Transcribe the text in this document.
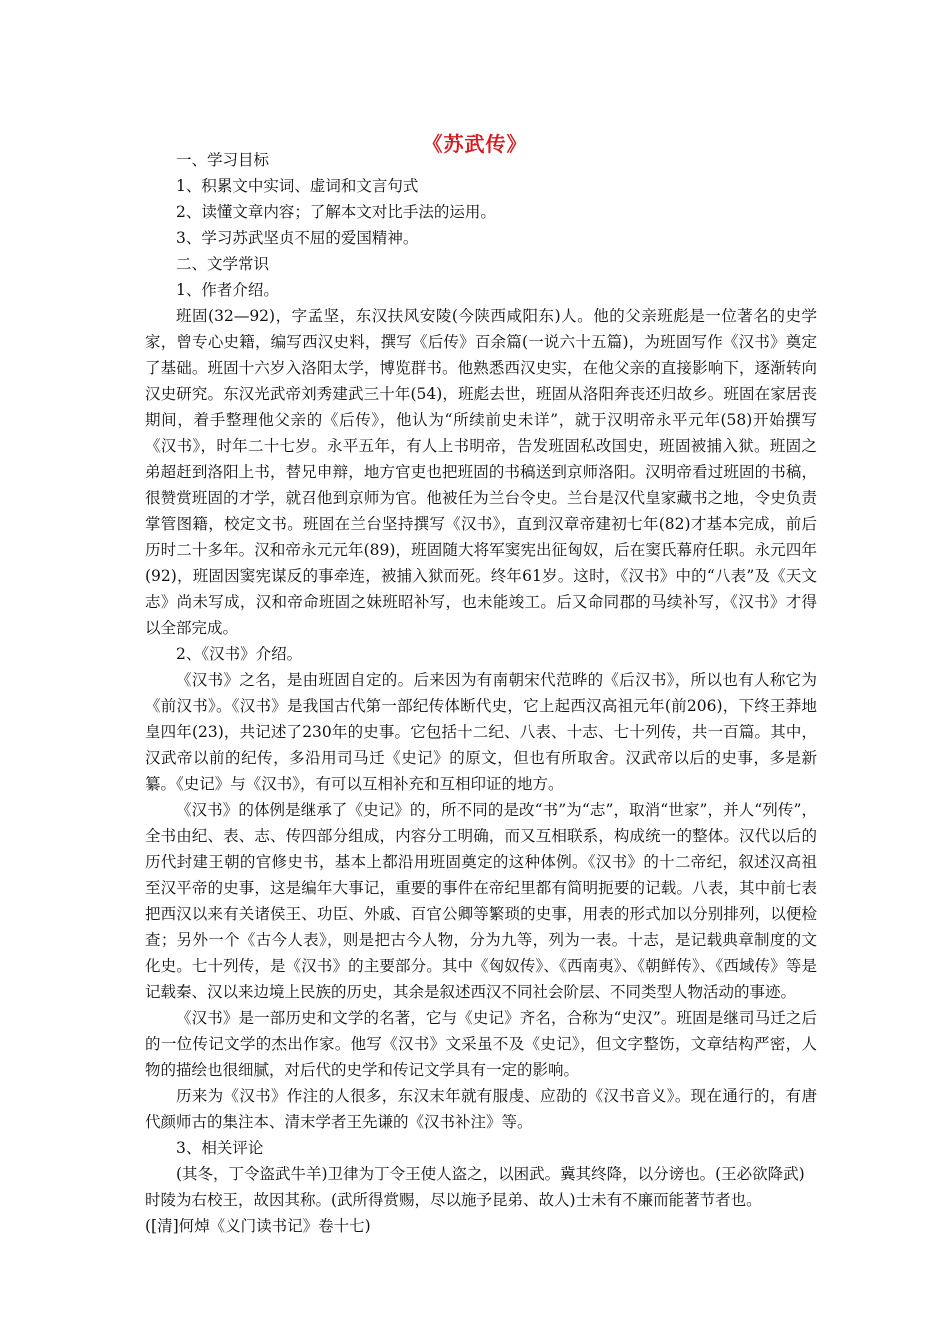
《苏武传》

一、学习目标

1、积累文中实词、虚词和文言句式

2、读懂文章内容；了解本文对比手法的运用。

3、学习苏武坚贞不屈的爱国精神。

二、文学常识

1、作者介绍。

班固(32—92)，字孟坚，东汉扶风安陵(今陕西咸阳东)人。他的父亲班彪是一位著名的史学家，曾专心史籍，编写西汉史料，撰写《后传》百余篇(一说六十五篇)，为班固写作《汉书》奠定了基础。班固十六岁入洛阳太学，博览群书。他熟悉西汉史实，在他父亲的直接影响下，逐渐转向汉史研究。东汉光武帝刘秀建武三十年(54)，班彪去世，班固从洛阳奔丧还归故乡。班固在家居丧期间，着手整理他父亲的《后传》，他认为“所续前史未详”，就于汉明帝永平元年(58)开始撰写《汉书》，时年二十七岁。永平五年，有人上书明帝，告发班固私改国史，班固被捕入狱。班固之弟超赶到洛阳上书，替兄申辩，地方官吏也把班固的书稿送到京师洛阳。汉明帝看过班固的书稿，很赞赏班固的才学，就召他到京师为官。他被任为兰台令史。兰台是汉代皇家藏书之地，令史负责掌管图籍，校定文书。班固在兰台坚持撰写《汉书》，直到汉章帝建初七年(82)才基本完成，前后历时二十多年。汉和帝永元元年(89)，班固随大将军窦宪出征匈奴，后在窦氏幕府任职。永元四年(92)，班固因窦宪谋反的事牵连，被捕入狱而死。终年61岁。这时，《汉书》中的“八表”及《天文志》尚未写成，汉和帝命班固之妹班昭补写，也未能竣工。后又命同郡的马续补写，《汉书》才得以全部完成。

2、《汉书》介绍。

《汉书》之名，是由班固自定的。后来因为有南朝宋代范晔的《后汉书》，所以也有人称它为《前汉书》。《汉书》是我国古代第一部纪传体断代史，它上起西汉高祖元年(前206)，下终王莽地皇四年(23)，共记述了230年的史事。它包括十二纪、八表、十志、七十列传，共一百篇。其中，汉武帝以前的纪传，多沿用司马迁《史记》的原文，但也有所取舍。汉武帝以后的史事，多是新纂。《史记》与《汉书》，有可以互相补充和互相印证的地方。

《汉书》的体例是继承了《史记》的，所不同的是改“书”为“志”，取消“世家”，并人“列传”，全书由纪、表、志、传四部分组成，内容分工明确，而又互相联系，构成统一的整体。汉代以后的历代封建王朝的官修史书，基本上都沿用班固奠定的这种体例。《汉书》的十二帝纪，叙述汉高祖至汉平帝的史事，这是编年大事记，重要的事件在帝纪里都有简明扼要的记载。八表，其中前七表把西汉以来有关诸侯王、功臣、外戚、百官公卿等繁琐的史事，用表的形式加以分别排列，以便检查；另外一个《古今人表》，则是把古今人物，分为九等，列为一表。十志，是记载典章制度的文化史。七十列传，是《汉书》的主要部分。其中《匈奴传》、《西南夷》、《朝鲜传》、《西域传》等是记载秦、汉以来边境上民族的历史，其余是叙述西汉不同社会阶层、不同类型人物活动的事迹。

《汉书》是一部历史和文学的名著，它与《史记》齐名，合称为“史汉”。班固是继司马迁之后的一位传记文学的杰出作家。他写《汉书》文采虽不及《史记》，但文字整饬，文章结构严密，人物的描绘也很细腻，对后代的史学和传记文学具有一定的影响。

历来为《汉书》作注的人很多，东汉末年就有服虔、应劭的《汉书音义》。现在通行的，有唐代颜师古的集注本、清末学者王先谦的《汉书补注》等。

3、相关评论

(其冬，丁令盗武牛羊)卫律为丁令王使人盗之，以困武。冀其终降，以分谤也。(王必欲降武)时陵为右校王，故因其称。(武所得赏赐，尽以施予昆弟、故人)士未有不廉而能著节者也。　　([清]何焯《义门读书记》卷十七)
